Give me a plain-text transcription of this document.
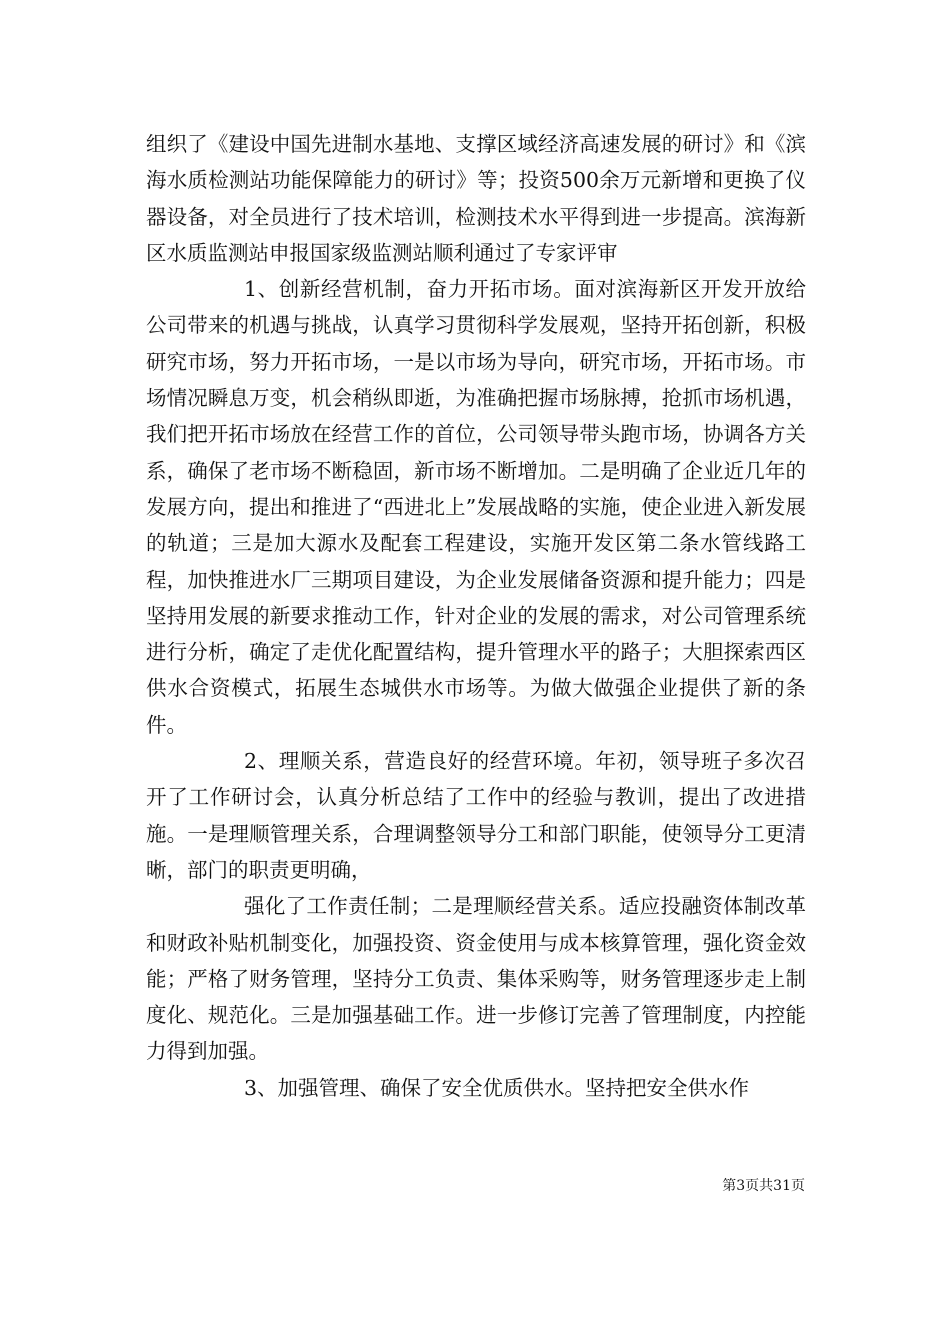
组织了《建设中国先进制水基地、支撑区域经济高速发展的研讨》和《滨海水质检测站功能保障能力的研讨》等；投资500余万元新增和更换了仪器设备，对全员进行了技术培训，检测技术水平得到进一步提高。滨海新区水质监测站申报国家级监测站顺利通过了专家评审

1、创新经营机制，奋力开拓市场。面对滨海新区开发开放给公司带来的机遇与挑战，认真学习贯彻科学发展观，坚持开拓创新，积极研究市场，努力开拓市场，一是以市场为导向，研究市场，开拓市场。市场情况瞬息万变，机会稍纵即逝，为准确把握市场脉搏，抢抓市场机遇，我们把开拓市场放在经营工作的首位，公司领导带头跑市场，协调各方关系，确保了老市场不断稳固，新市场不断增加。二是明确了企业近几年的发展方向，提出和推进了“西进北上”发展战略的实施，使企业进入新发展的轨道；三是加大源水及配套工程建设，实施开发区第二条水管线路工程，加快推进水厂三期项目建设，为企业发展储备资源和提升能力；四是坚持用发展的新要求推动工作，针对企业的发展的需求，对公司管理系统进行分析，确定了走优化配置结构，提升管理水平的路子；大胆探索西区供水合资模式，拓展生态城供水市场等。为做大做强企业提供了新的条件。

2、理顺关系，营造良好的经营环境。年初，领导班子多次召开了工作研讨会，认真分析总结了工作中的经验与教训，提出了改进措施。一是理顺管理关系，合理调整领导分工和部门职能，使领导分工更清晰，部门的职责更明确，

强化了工作责任制；二是理顺经营关系。适应投融资体制改革和财政补贴机制变化，加强投资、资金使用与成本核算管理，强化资金效能；严格了财务管理，坚持分工负责、集体采购等，财务管理逐步走上制度化、规范化。三是加强基础工作。进一步修订完善了管理制度，内控能力得到加强。

3、加强管理、确保了安全优质供水。坚持把安全供水作

第3页共31页
